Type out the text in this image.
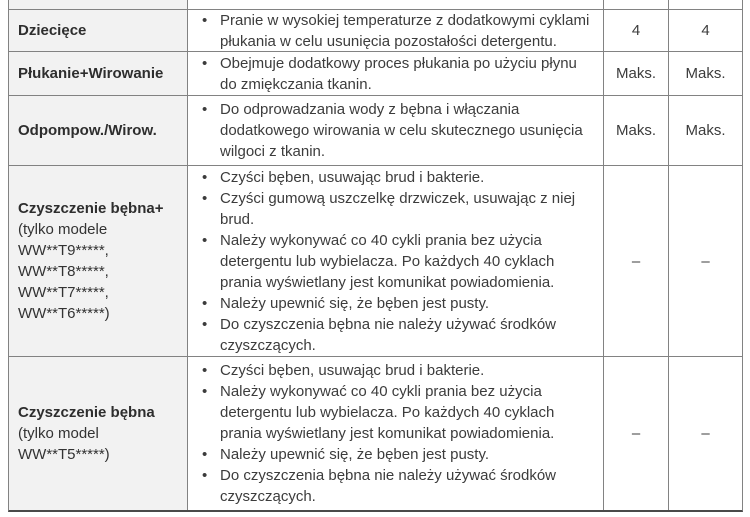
Dziecięce

• Pranie w wysokiej temperaturze z dodatkowymi cyklami płukania w celu usunięcia pozostałości detergentu.
4	4

Płukanie+Wirowanie

• Obejmuje dodatkowy proces płukania po użyciu płynu do zmiękczania tkanin.
Maks.	Maks.

Odpompow./Wirow.

• Do odprowadzania wody z bębna i włączania dodatkowego wirowania w celu skutecznego usunięcia wilgoci z tkanin.
Maks.	Maks.

Czyszczenie bębna+ (tylko modele WW**T9*****, WW**T8*****, WW**T7*****, WW**T6*****)

• Czyści bęben, usuwając brud i bakterie.
• Czyści gumową uszczelkę drzwiczek, usuwając z niej brud.
• Należy wykonywać co 40 cykli prania bez użycia detergentu lub wybielacza. Po każdych 40 cyklach prania wyświetlany jest komunikat powiadomienia.
• Należy upewnić się, że bęben jest pusty.
• Do czyszczenia bębna nie należy używać środków czyszczących.
–	–

Czyszczenie bębna (tylko model WW**T5*****)

• Czyści bęben, usuwając brud i bakterie.
• Należy wykonywać co 40 cykli prania bez użycia detergentu lub wybielacza. Po każdych 40 cyklach prania wyświetlany jest komunikat powiadomienia.
• Należy upewnić się, że bęben jest pusty.
• Do czyszczenia bębna nie należy używać środków czyszczących.
–	–
